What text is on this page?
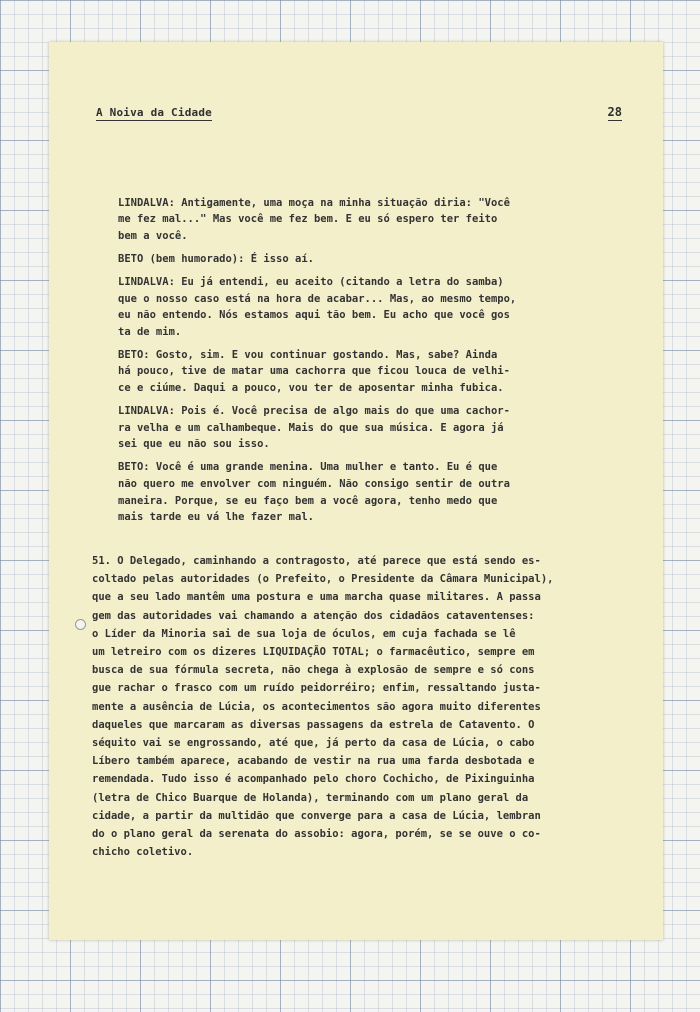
A Noiva da Cidade	28

LINDALVA: Antigamente, uma moça na minha situação diria: "Você
me fez mal..." Mas você me fez bem. E eu só espero ter feito
bem a você.

BETO (bem humorado): É isso aí.

LINDALVA: Eu já entendi, eu aceito (citando a letra do samba)
que o nosso caso está na hora de acabar... Mas, ao mesmo tempo,
eu não entendo. Nós estamos aqui tão bem. Eu acho que você gos
ta de mim.

BETO: Gosto, sim. E vou continuar gostando. Mas, sabe? Ainda
há pouco, tive de matar uma cachorra que ficou louca de velhi-
ce e ciúme. Daqui a pouco, vou ter de aposentar minha fubica.

LINDALVA: Pois é. Você precisa de algo mais do que uma cachor-
ra velha e um calhambeque. Mais do que sua música. E agora já
sei que eu não sou isso.

BETO: Você é uma grande menina. Uma mulher e tanto. Eu é que
não quero me envolver com ninguém. Não consigo sentir de outra
maneira. Porque, se eu faço bem a você agora, tenho medo que
mais tarde eu vá lhe fazer mal.

51. O Delegado, caminhando a contragosto, até parece que está sendo es-
coltado pelas autoridades (o Prefeito, o Presidente da Câmara Municipal),
que a seu lado mantêm uma postura e uma marcha quase militares. A passa
gem das autoridades vai chamando a atenção dos cidadãos cataventenses:
o Líder da Minoria sai de sua loja de óculos, em cuja fachada se lê
um letreiro com os dizeres LIQUIDAÇÃO TOTAL; o farmacêutico, sempre em
busca de sua fórmula secreta, não chega à explosão de sempre e só cons
gue rachar o frasco com um ruído peidorréiro; enfim, ressaltando justa-
mente a ausência de Lúcia, os acontecimentos são agora muito diferentes
daqueles que marcaram as diversas passagens da estrela de Catavento. O
séquito vai se engrossando, até que, já perto da casa de Lúcia, o cabo
Líbero também aparece, acabando de vestir na rua uma farda desbotada e
remendada. Tudo isso é acompanhado pelo choro Cochicho, de Pixinguinha
(letra de Chico Buarque de Holanda), terminando com um plano geral da
cidade, a partir da multidão que converge para a casa de Lúcia, lembran
do o plano geral da serenata do assobio: agora, porém, se se ouve o co-
chicho coletivo.
